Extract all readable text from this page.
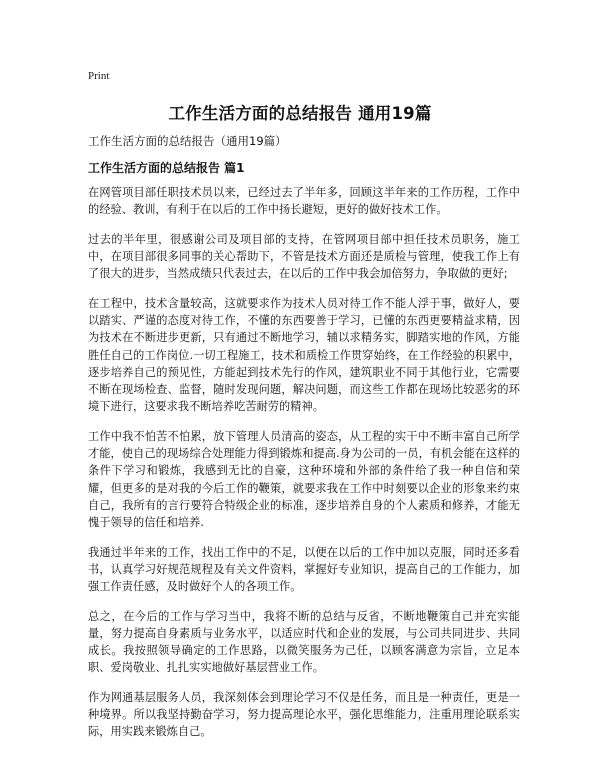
Print
工作生活方面的总结报告 通用19篇
工作生活方面的总结报告（通用19篇）
工作生活方面的总结报告 篇1

在网管项目部任职技术员以来，已经过去了半年多，回顾这半年来的工作历程，工作中的经验、教训，有利于在以后的工作中扬长避短，更好的做好技术工作。

过去的半年里，很感谢公司及项目部的支持，在管网项目部中担任技术员职务，施工中，在项目部很多同事的关心帮助下，不管是技术方面还是质检与管理，使我工作上有了很大的进步，当然成绩只代表过去，在以后的工作中我会加倍努力，争取做的更好;

在工程中，技术含量较高，这就要求作为技术人员对待工作不能人浮于事，做好人，要以踏实、严谨的态度对待工作，不懂的东西要善于学习，已懂的东西更要精益求精，因为技术在不断进步更新，只有通过不断地学习，辅以求精务实，脚踏实地的作风，方能胜任自己的工作岗位.一切工程施工，技术和质检工作贯穿始终，在工作经验的积累中，逐步培养自己的预见性，方能起到技术先行的作风，建筑职业不同于其他行业，它需要不断在现场检查、监督，随时发现问题，解决问题，而这些工作都在现场比较恶劣的环境下进行，这要求我不断培养吃苦耐劳的精神。

工作中我不怕苦不怕累，放下管理人员清高的姿态，从工程的实干中不断丰富自己所学才能，使自己的现场综合处理能力得到锻炼和提高.身为公司的一员，有机会能在这样的条件下学习和锻炼，我感到无比的自豪，这种环境和外部的条件给了我一种自信和荣耀，但更多的是对我的今后工作的鞭策，就要求我在工作中时刻要以企业的形象来约束自己，我所有的言行要符合特级企业的标准，逐步培养自身的个人素质和修养，才能无愧于领导的信任和培养.

我通过半年来的工作，找出工作中的不足，以便在以后的工作中加以克服，同时还多看书，认真学习好规范规程及有关文件资料，掌握好专业知识，提高自己的工作能力，加强工作责任感，及时做好个人的各项工作。

总之，在今后的工作与学习当中，我将不断的总结与反省，不断地鞭策自己并充实能量，努力提高自身素质与业务水平，以适应时代和企业的发展，与公司共同进步、共同成长。我按照领导确定的工作思路，以微笑服务为己任，以顾客满意为宗旨，立足本职、爱岗敬业、扎扎实实地做好基层营业工作。

作为网通基层服务人员，我深刻体会到理论学习不仅是任务，而且是一种责任，更是一种境界。所以我坚持勤奋学习，努力提高理论水平，强化思维能力，注重用理论联系实际，用实践来锻炼自己。
